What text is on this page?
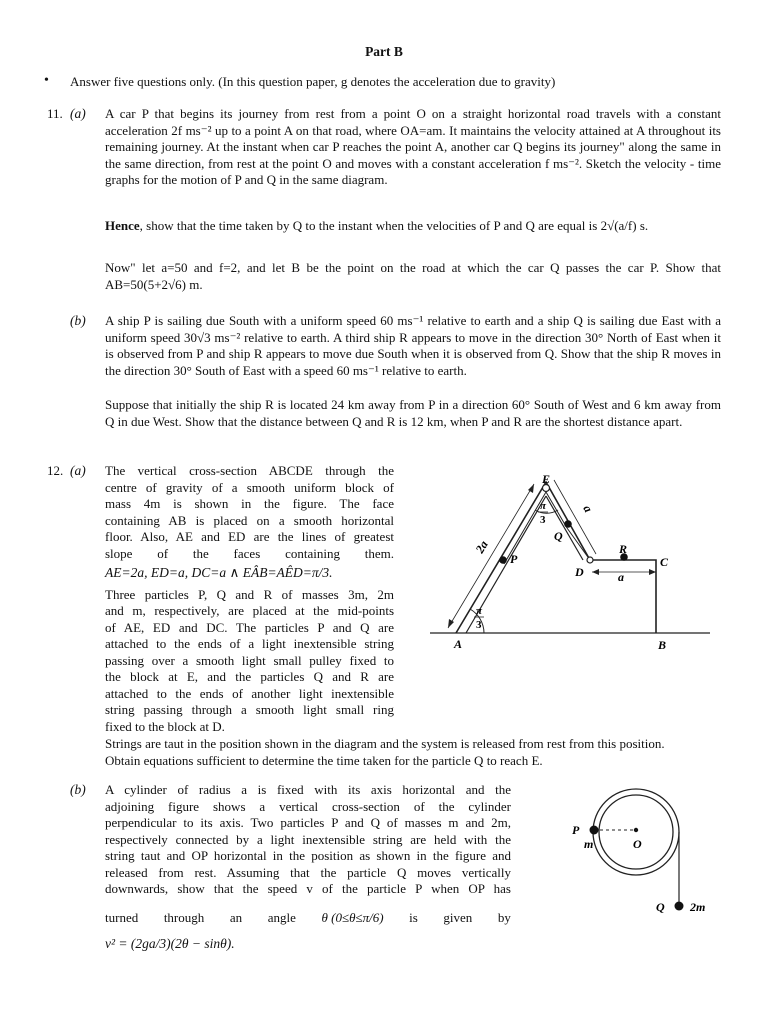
Part B
• Answer five questions only. (In this question paper, g denotes the acceleration due to gravity)
11. (a) A car P that begins its journey from rest from a point O on a straight horizontal road travels with a constant acceleration 2f ms⁻² up to a point A on that road, where OA=am. It maintains the velocity attained at A throughout its remaining journey. At the instant when car P reaches the point A, another car Q begins its journey" along the same in the same direction, from rest at the point O and moves with a constant acceleration f ms⁻². Sketch the velocity - time graphs for the motion of P and Q in the same diagram.
Hence, show that the time taken by Q to the instant when the velocities of P and Q are equal is 2√(a/f) s.
Now" let a=50 and f=2, and let B be the point on the road at which the car Q passes the car P. Show that AB=50(5+2√6) m.
(b) A ship P is sailing due South with a uniform speed 60 ms⁻¹ relative to earth and a ship Q is sailing due East with a uniform speed 30√3 ms⁻² relative to earth. A third ship R appears to move in the direction 30° North of East when it is observed from P and ship R appears to move due South when it is observed from Q. Show that the ship R moves in the direction 30° South of East with a speed 60 ms⁻¹ relative to earth.
Suppose that initially the ship R is located 24 km away from P in a direction 60° South of West and 6 km away from Q in due West. Show that the distance between Q and R is 12 km, when P and R are the shortest distance apart.
12. (a) The vertical cross-section ABCDE through the
centre of gravity of a smooth uniform block of
mass 4m is shown in the figure. The face
containing AB is placed on a smooth horizontal
floor. Also, AE and ED are the lines of greatest
slope of the faces containing them.
AE=2a, ED=a, DC=a ∧ EÂB=AÊD=π/3.
Three particles P, Q and R of masses 3m, 2m
and m, respectively, are placed at the mid-points
of AE, ED and DC. The particles P and Q are
attached to the ends of a light inextensible string
passing over a smooth light small pulley fixed to
the block at E, and the particles Q and R are
attached to the ends of another light inextensible
string passing through a smooth light small ring
fixed to the block at D.
Strings are taut in the position shown in the diagram and the system is released from rest from this position.
Obtain equations sufficient to determine the time taken for the particle Q to reach E.
E
P
Q
R
C
D
A	B
2a
a
a
π
3
π
3
(b) A cylinder of radius a is fixed with its axis horizontal and the
adjoining figure shows a vertical cross-section of the cylinder
perpendicular to its axis. Two particles P and Q of masses m and 2m,
respectively connected by a light inextensible string are held with the
string taut and OP horizontal in the position as shown in the figure and
released from rest. Assuming that the particle Q moves vertically
downwards, show that the speed v of the particle P when OP has
turned through an angle θ (0≤θ≤π/6) is given by
v² = (2ga/3)(2θ − sinθ).
P
m	O
Q 2m
